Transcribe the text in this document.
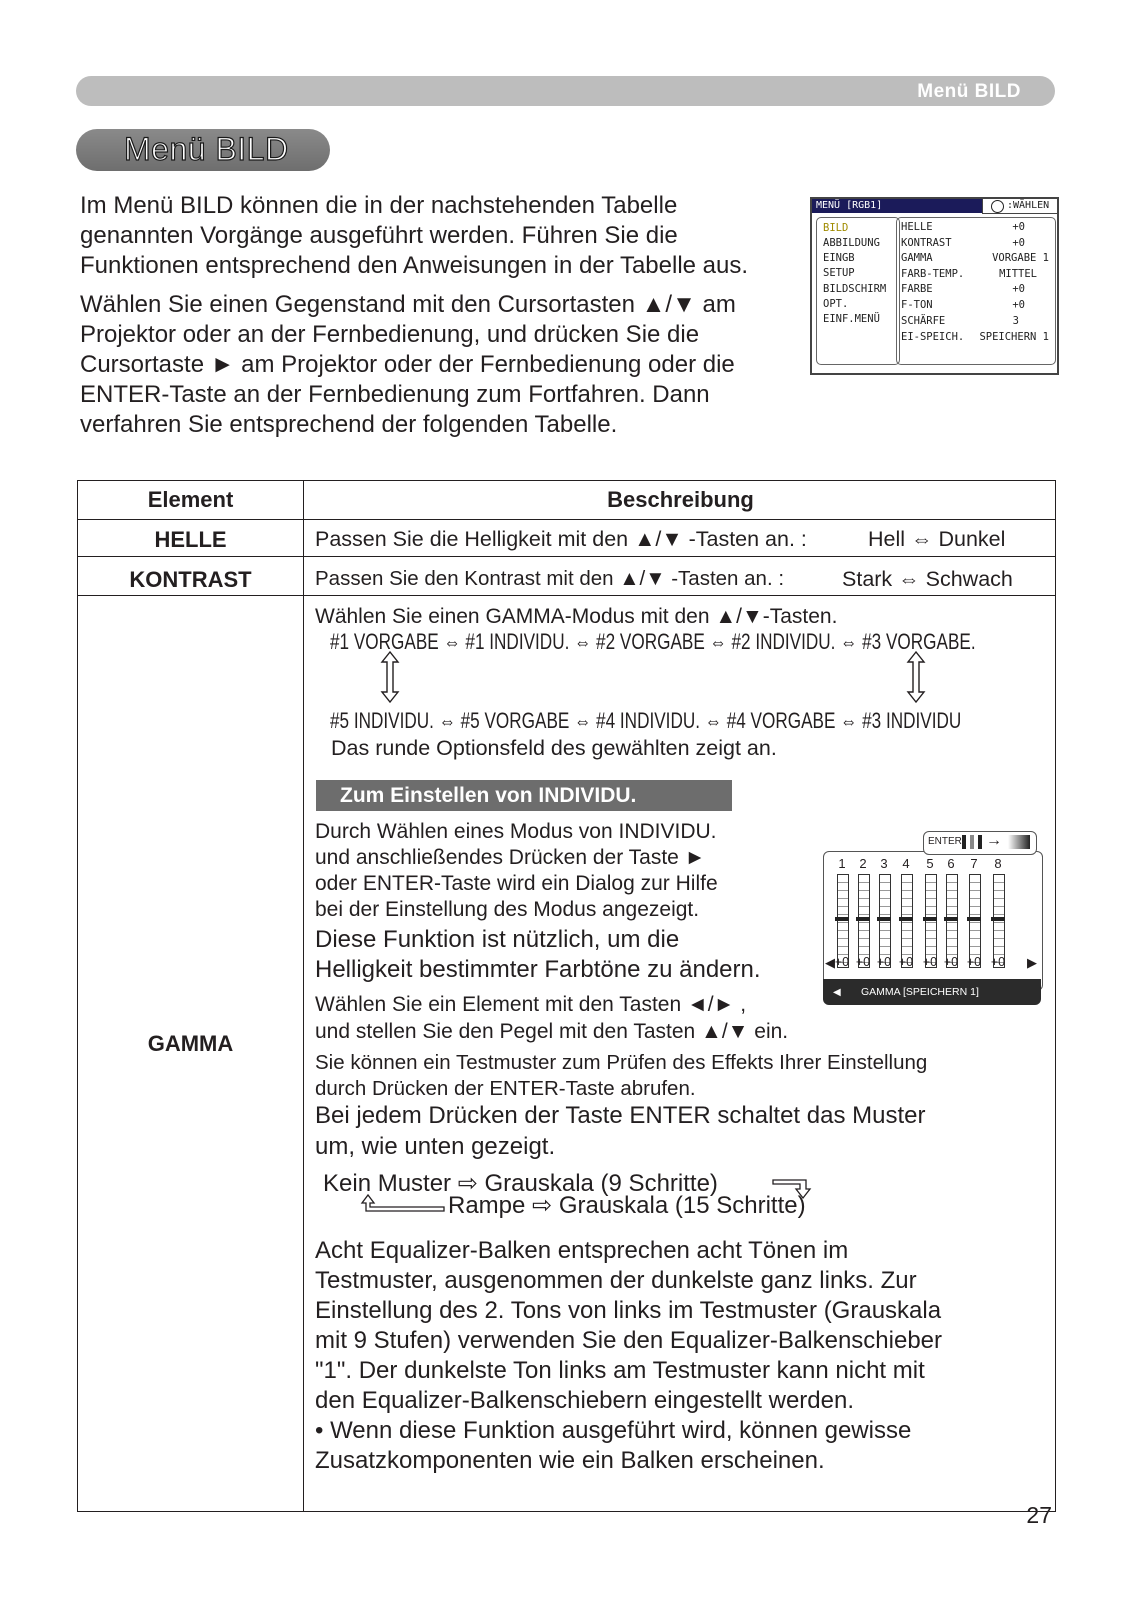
Menü BILD
Menü BILD
Im Menü BILD können die in der nachstehenden Tabelle
genannten Vorgänge ausgeführt werden. Führen Sie die
Funktionen entsprechend den Anweisungen in der Tabelle aus.
Wählen Sie einen Gegenstand mit den Cursortasten ▲/▼ am
Projektor oder an der Fernbedienung, und drücken Sie die
Cursortaste ► am Projektor oder der Fernbedienung oder die
ENTER-Taste an der Fernbedienung zum Fortfahren. Dann
verfahren Sie entsprechend der folgenden Tabelle.
MENÜ [RGB1]	:WÄHLEN
BILD
ABBILDUNG
EINGB
SETUP
BILDSCHIRM
OPT.
EINF.MENÜ
HELLE	+0
KONTRAST	+0
GAMMA	VORGABE 1
FARB-TEMP.	MITTEL
FARBE	+0
F-TON	+0
SCHÄRFE	3
EI-SPEICH. SPEICHERN 1
Element	Beschreibung
HELLE	Passen Sie die Helligkeit mit den ▲/▼ -Tasten an. :	Hell ⇔ Dunkel
KONTRAST	Passen Sie den Kontrast mit den ▲/▼ -Tasten an. :	Stark ⇔ Schwach
GAMMA
Wählen Sie einen GAMMA-Modus mit den ▲/▼-Tasten.
#1 VORGABE ⇔ #1 INDIVIDU. ⇔ #2 VORGABE ⇔ #2 INDIVIDU. ⇔ #3 VORGABE.
#5 INDIVIDU. ⇔ #5 VORGABE ⇔ #4 INDIVIDU. ⇔ #4 VORGABE ⇔ #3 INDIVIDU
Das runde Optionsfeld des gewählten zeigt an.
Zum Einstellen von INDIVIDU.
Durch Wählen eines Modus von INDIVIDU.
und anschließendes Drücken der Taste ►
oder ENTER-Taste wird ein Dialog zur Hilfe
bei der Einstellung des Modus angezeigt.
Diese Funktion ist nützlich, um die
Helligkeit bestimmter Farbtöne zu ändern.
Wählen Sie ein Element mit den Tasten ◄/► ,
und stellen Sie den Pegel mit den Tasten ▲/▼ ein.
Sie können ein Testmuster zum Prüfen des Effekts Ihrer Einstellung
durch Drücken der ENTER-Taste abrufen.
Bei jedem Drücken der Taste ENTER schaltet das Muster
um, wie unten gezeigt.
Kein Muster ⇨ Grauskala (9 Schritte)
Rampe ⇨ Grauskala (15 Schritte)
Acht Equalizer-Balken entsprechen acht Tönen im
Testmuster, ausgenommen der dunkelste ganz links. Zur
Einstellung des 2. Tons von links im Testmuster (Grauskala
mit 9 Stufen) verwenden Sie den Equalizer-Balkenschieber
"1". Der dunkelste Ton links am Testmuster kann nicht mit
den Equalizer-Balkenschiebern eingestellt werden.
• Wenn diese Funktion ausgeführt wird, können gewisse
Zusatzkomponenten wie ein Balken erscheinen.
1	2	3	4	5	6	7	8
+0 +0 +0 +0 +0 +0 +0 +0
◀	▶
ENTER →
◀ GAMMA [SPEICHERN 1]
27
